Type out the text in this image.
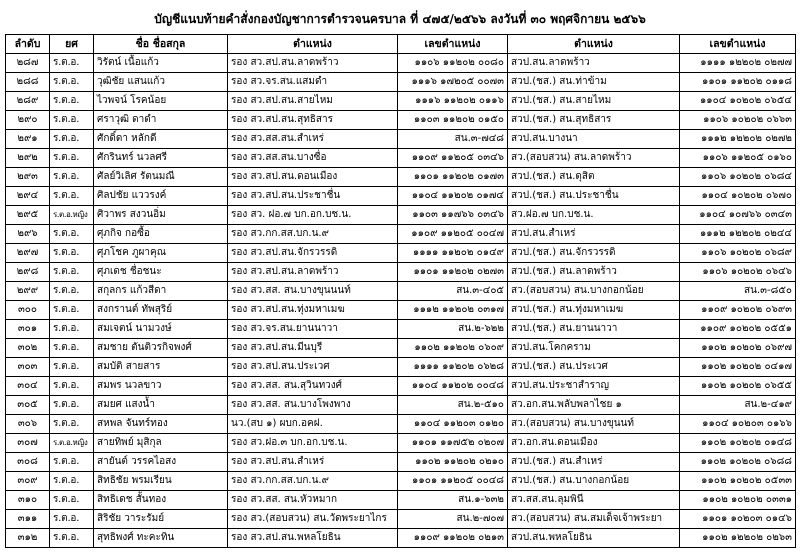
บัญชีแนบท้ายคำสั่งกองบัญชาการตำรวจนครบาล ที่ ๔๗๕/๒๕๖๖ ลงวันที่ ๓๐ พฤศจิกายน ๒๕๖๖
ลำดับ	ยศ	ชื่อ ชื่อสกุล	ตำแหน่ง	เลขตำแหน่ง	ตำแหน่ง	เลขตำแหน่ง
๒๘๗	ร.ต.อ.	วิรัตน์ เนื้อแก้ว	รอง สว.สป.สน.ลาดพร้าว	๑๑๐๖ ๑๑๒๐๒ ๐๐๘๐	สวป.สน.ลาดพร้าว	๑๑๑๑ ๑๒๒๐๒ ๐๒๗๗
๒๘๘	ร.ต.อ.	วุฒิชัย แสนแก้ว	รอง สว.จร.สน.แสมดำ	๑๑๑๖ ๑๗๒๐๕ ๐๐๗๓	สวป.(ชส.) สน.ท่าข้าม	๑๑๐๑ ๑๑๒๐๒ ๐๑๑๘
๒๘๙	ร.ต.อ.	ไวพจน์ โรคน้อย	รอง สว.สป.สน.สายไหม	๑๑๑๖ ๑๑๒๐๒ ๐๑๑๖	สวป.(ชส.) สน.สายไหม	๑๑๐๔ ๑๐๒๐๒ ๐๖๕๔
๒๙๐	ร.ต.อ.	ศราวุฒิ ดาดำ	รอง สว.สป.สน.สุทธิสาร	๑๑๐๓ ๑๑๒๐๒ ๐๑๕๐	สวป.(ชส.) สน.สุทธิสาร	๑๑๐๖ ๑๐๒๐๒ ๐๖๖๓
๒๙๑	ร.ต.อ.	ศักดิ์ดา หลักดี	รอง สว.สส.สน.สำเหร่	สน.๓-๗๔๘	สวป.สน.บางนา	๑๑๑๒ ๑๒๒๐๒ ๐๒๗๒
๒๙๒	ร.ต.อ.	ศักรินทร์ นวลศรี	รอง สว.สส.สน.บางซื่อ	๑๑๐๙ ๑๑๒๐๕ ๐๓๔๖	สว.(สอบสวน) สน.ลาดพร้าว	๑๑๐๖ ๑๑๒๐๕ ๐๑๖๐
๒๙๓	ร.ต.อ.	ศัลย์วิเลิศ รัตนมณี	รอง สว.สป.สน.ดอนเมือง	๑๑๐๑ ๑๑๒๐๒ ๐๑๗๓	สวป.(ชส.) สน.ดุสิต	๑๑๐๖ ๑๐๒๐๒ ๐๖๘๔
๒๙๔	ร.ต.อ.	ศิลปชัย แววรงค์	รอง สว.สป.สน.ประชาชื่น	๑๑๐๔ ๑๑๒๐๒ ๐๑๗๔	สวป.(ชส.) สน.ประชาชื่น	๑๑๐๔ ๑๐๒๐๒ ๐๖๗๐
๒๙๕	ร.ต.อ.หญิง	ศิวาพร สงวนอิ่ม	รอง สว. ฝอ.๗ บก.อก.บช.น.	๑๑๐๓ ๑๑๗๖๖ ๐๓๔๖	สว.ฝอ.๗ บก.บช.น.	๑๑๐๔ ๑๐๗๖๖ ๐๓๔๓
๒๙๖	ร.ต.อ.	ศุภกิจ กอซื้อ	รอง สว.กก.สส.บก.น.๙	๑๑๐๙ ๑๑๒๐๕ ๐๐๔๗	สวป.สน.สำเหร่	๑๑๑๒ ๑๒๒๐๒ ๐๒๔๔
๒๙๗	ร.ต.อ.	ศุภโชค ภูผาคุณ	รอง สว.สป.สน.จักรวรรดิ	๑๑๑๑ ๑๑๒๐๒ ๐๑๔๙	สวป.(ชส.) สน.จักรวรรดิ	๑๑๐๖ ๑๐๒๐๒ ๐๖๘๙
๒๙๘	ร.ต.อ.	ศุภเดช ชื่อชนะ	รอง สว.สป.สน.ลาดพร้าว	๑๑๐๑ ๑๑๒๐๒ ๐๒๗๓	สวป.(ชส.) สน.ลาดพร้าว	๑๑๐๖ ๑๐๒๐๒ ๐๖๔๖
๒๙๙	ร.ต.อ.	สกุลกร แก้วสีดา	รอง สว.สส. สน.บางขุนนนท์	สน.๓-๔๐๕	สว.(สอบสวน) สน.บางกอกน้อย	สน.๓-๘๕๐
๓๐๐	ร.ต.อ.	สงกรานต์ ทัพสุริย์	รอง สว.สป.สน.ทุ่งมหาเมฆ	๑๑๑๒ ๑๑๒๐๒ ๐๓๑๗	สวป.(ชส.) สน.ทุ่งมหาเมฆ	๑๑๐๙ ๑๐๒๐๒ ๐๖๙๓
๓๐๑	ร.ต.อ.	สมเจตน์ นามวงษ์	รอง สว.จร.สน.ยานนาวา	สน.๒-๖๒๒	สวป.(ชส.) สน.ยานนาวา	๑๑๐๙ ๑๐๒๐๒ ๐๕๕๑
๓๐๒	ร.ต.อ.	สมชาย ตันติวรกิจพงศ์	รอง สว.สป.สน.มีนบุรี	๑๑๐๒ ๑๑๒๐๒ ๐๖๐๙	สวป.สน.โคกคราม	๑๑๐๒ ๑๐๒๐๒ ๐๖๙๗
๓๐๓	ร.ต.อ.	สมบัติ สายสาร	รอง สว.สป.สน.ประเวศ	๑๑๑๑ ๑๑๒๐๒ ๐๖๒๘	สวป.(ชส.) สน.ประเวศ	๑๑๐๒ ๑๐๒๐๒ ๐๔๑๗
๓๐๔	ร.ต.อ.	สมพร นวลขาว	รอง สว.สส. สน.สุวินทวงศ์	๑๑๐๔ ๑๑๒๐๒ ๐๐๔๘	สวป.สน.ประชาสำราญ	๑๑๐๒ ๑๐๒๐๒ ๐๖๕๕
๓๐๕	ร.ต.อ.	สมยศ แสงน้ำ	รอง สว.สส. สน.บางโพงพาง	สน.๒-๕๑๐	สว.อก.สน.พลับพลาไชย ๑	สน.๒-๔๑๙
๓๐๖	ร.ต.อ.	สหพล จันทร์ทอง	นว.(สบ ๑) ผบก.อคฝ.	๑๑๐๔ ๑๑๒๐๓ ๐๑๒๐	สว.(สอบสวน) สน.บางขุนนท์	๑๑๐๔ ๑๐๒๐๓ ๐๑๖๖
๓๐๗	ร.ต.อ.หญิง	สายทิพย์ มุสิกุล	รอง สว.ฝอ.๓ บก.อก.บช.น.	๑๑๐๑ ๑๑๗๕๒ ๐๒๐๗	สว.อก.สน.ดอนเมือง	๑๑๐๒ ๑๐๒๐๒ ๐๑๔๘
๓๐๘	ร.ต.อ.	สายันต์ วรรคไอสง	รอง สว.สป.สน.สำเหร่	๑๑๐๒ ๑๑๒๐๒ ๐๒๑๐	สวป.(ชส.) สน.สำเหร่	๑๑๐๒ ๑๐๒๐๒ ๐๖๘๘
๓๐๙	ร.ต.อ.	สิทธิชัย พรมเรียน	รอง สว.กก.สส.บก.น.๙	๑๑๐๑ ๑๑๒๐๕ ๐๐๔๘	สวป.(ชส.) สน.บางกอกน้อย	๑๑๐๒ ๑๐๒๐๒ ๐๕๓๓
๓๑๐	ร.ต.อ.	สิทธิเดช สั้นทอง	รอง สว.สส. สน.หัวหมาก	สน.๑-๖๓๒	สว.สส.สน.ลุมพินี	๑๑๐๒ ๑๐๒๐๒ ๐๓๓๑
๓๑๑	ร.ต.อ.	สิริชัย วาระรัมย์	รอง สว.(สอบสวน) สน.วัดพระยาไกร	สน.๒-๗๐๗	สว.(สอบสวน) สน.สมเด็จเจ้าพระยา	๑๑๐๑ ๑๐๒๐๓ ๐๑๔๖
๓๑๒	ร.ต.อ.	สุทธิพงศ์ ทะคะทิน	รอง สว.สป.สน.พหลโยธิน	๑๑๐๙ ๑๑๒๐๒ ๐๒๑๓	สวป.สน.พหลโยธิน	๑๑๐๒ ๑๒๒๐๒ ๐๒๖๓
